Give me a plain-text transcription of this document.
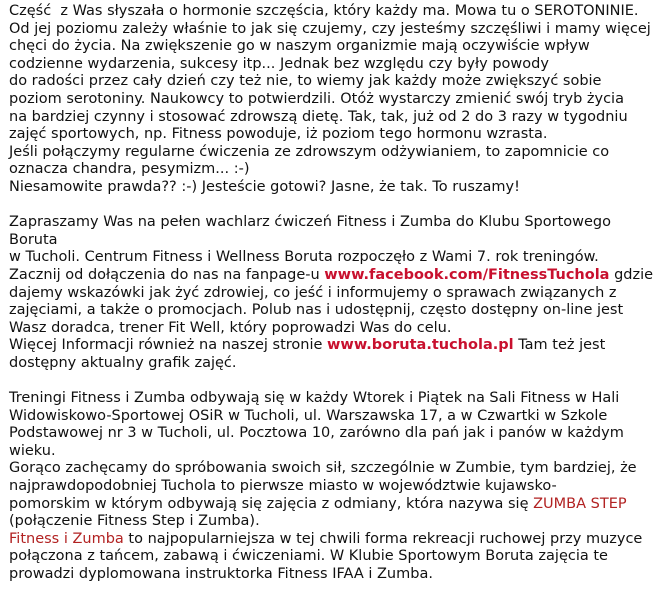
Część  z Was słyszała o hormonie szczęścia, który każdy ma. Mowa tu o SEROTONINIE.
Od jej poziomu zależy właśnie to jak się czujemy, czy jesteśmy szczęśliwi i mamy więcej
chęci do życia. Na zwiększenie go w naszym organizmie mają oczywiście wpływ
codzienne wydarzenia, sukcesy itp... Jednak bez względu czy były powody
do radości przez cały dzień czy też nie, to wiemy jak każdy może zwiększyć sobie
poziom serotoniny. Naukowcy to potwierdzili. Otóż wystarczy zmienić swój tryb życia
na bardziej czynny i stosować zdrowszą dietę. Tak, tak, już od 2 do 3 razy w tygodniu
zajęć sportowych, np. Fitness powoduje, iż poziom tego hormonu wzrasta.
Jeśli połączymy regularne ćwiczenia ze zdrowszym odżywianiem, to zapomnicie co
oznacza chandra, pesymizm... :-)
Niesamowite prawda?? :-) Jesteście gotowi? Jasne, że tak. To ruszamy!
Zapraszamy Was na pełen wachlarz ćwiczeń Fitness i Zumba do Klubu Sportowego
Boruta
w Tucholi. Centrum Fitness i Wellness Boruta rozpoczęło z Wami 7. rok treningów.
Zacznij od dołączenia do nas na fanpage-u www.facebook.com/FitnessTuchola gdzie
dajemy wskazówki jak żyć zdrowiej, co jeść i informujemy o sprawach związanych z
zajęciami, a także o promocjach. Polub nas i udostępnij, często dostępny on-line jest
Wasz doradca, trener Fit Well, który poprowadzi Was do celu.
Więcej Informacji również na naszej stronie www.boruta.tuchola.pl Tam też jest
dostępny aktualny grafik zajęć.
Treningi Fitness i Zumba odbywają się w każdy Wtorek i Piątek na Sali Fitness w Hali
Widowiskowo-Sportowej OSiR w Tucholi, ul. Warszawska 17, a w Czwartki w Szkole
Podstawowej nr 3 w Tucholi, ul. Pocztowa 10, zarówno dla pań jak i panów w każdym
wieku.
Gorąco zachęcamy do spróbowania swoich sił, szczególnie w Zumbie, tym bardziej, że
najprawdopodobniej Tuchola to pierwsze miasto w województwie kujawsko-
pomorskim w którym odbywają się zajęcia z odmiany, która nazywa się ZUMBA STEP
(połączenie Fitness Step i Zumba).
Fitness i Zumba to najpopularniejsza w tej chwili forma rekreacji ruchowej przy muzyce
połączona z tańcem, zabawą i ćwiczeniami. W Klubie Sportowym Boruta zajęcia te
prowadzi dyplomowana instruktorka Fitness IFAA i Zumba.
